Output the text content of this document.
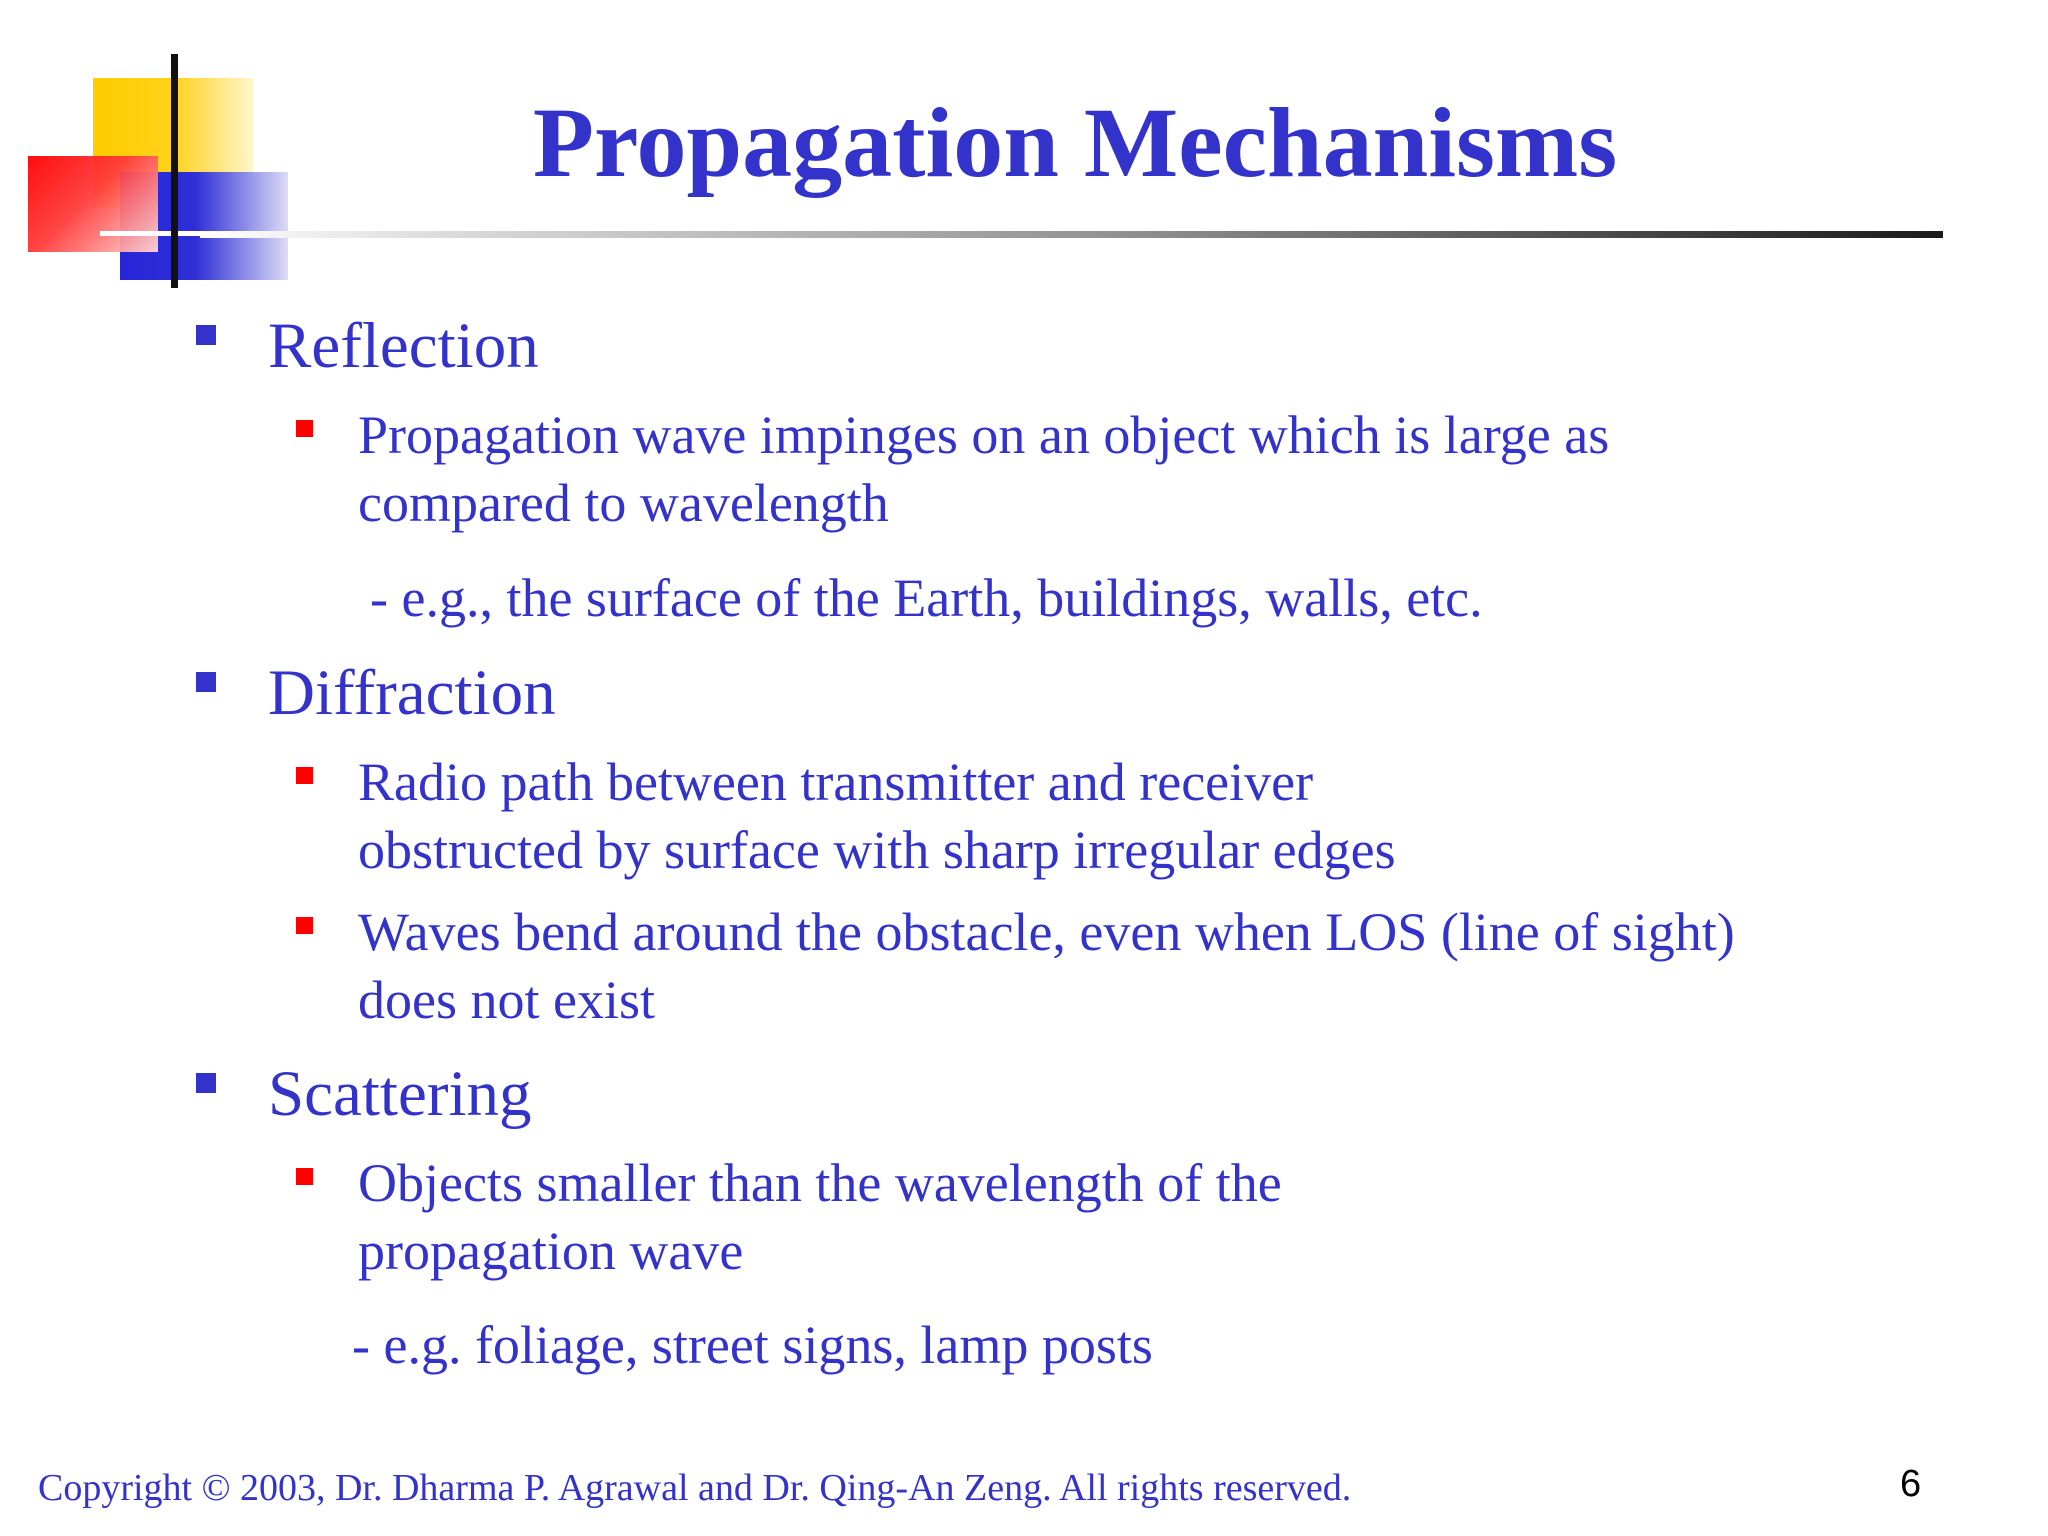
Propagation Mechanisms
Reflection
Propagation wave impinges on an object which is large as
compared to wavelength
- e.g., the surface of the Earth, buildings, walls, etc.
Diffraction
Radio path between transmitter and receiver
obstructed by surface with sharp irregular edges
Waves bend around the obstacle, even when LOS (line of sight)
does not exist
Scattering
Objects smaller than the wavelength of the
propagation wave
- e.g. foliage, street signs, lamp posts
Copyright © 2003, Dr. Dharma P. Agrawal and Dr. Qing-An Zeng. All rights reserved.	6
